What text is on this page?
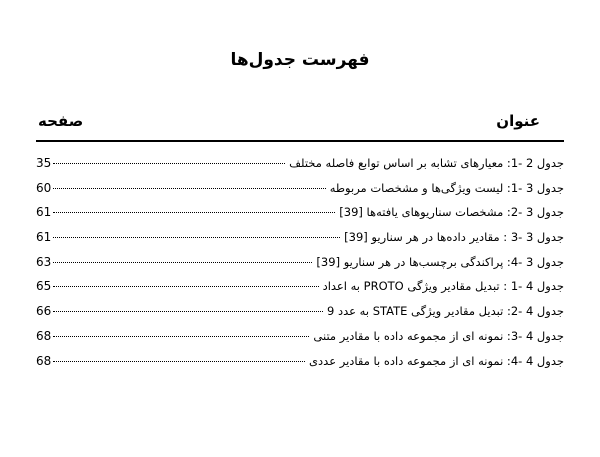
فهرست جدول‌ها
عنوان
صفحه
جدول 2 -1: معیارهای تشابه بر اساس توابع فاصله مختلف
35
جدول 3 -1: لیست ویژگی‌ها و مشخصات مربوطه
60
جدول 3 -2: مشخصات سناریوهای یافته‌ها [39]
61
جدول 3 -3 : مقادیر داده‌ها در هر سناریو [39]
61
جدول 3 -4: پراکندگی برچسب‌ها در هر سناریو [39]
63
جدول 4 -1 : تبدیل مقادیر ویژگی PROTO به اعداد
65
جدول 4 -2: تبدیل مقادیر ویژگی STATE به عدد 9
66
جدول 4 -3: نمونه ای از مجموعه داده با مقادیر متنی
68
جدول 4 -4: نمونه ای از مجموعه داده با مقادیر عددی
68
